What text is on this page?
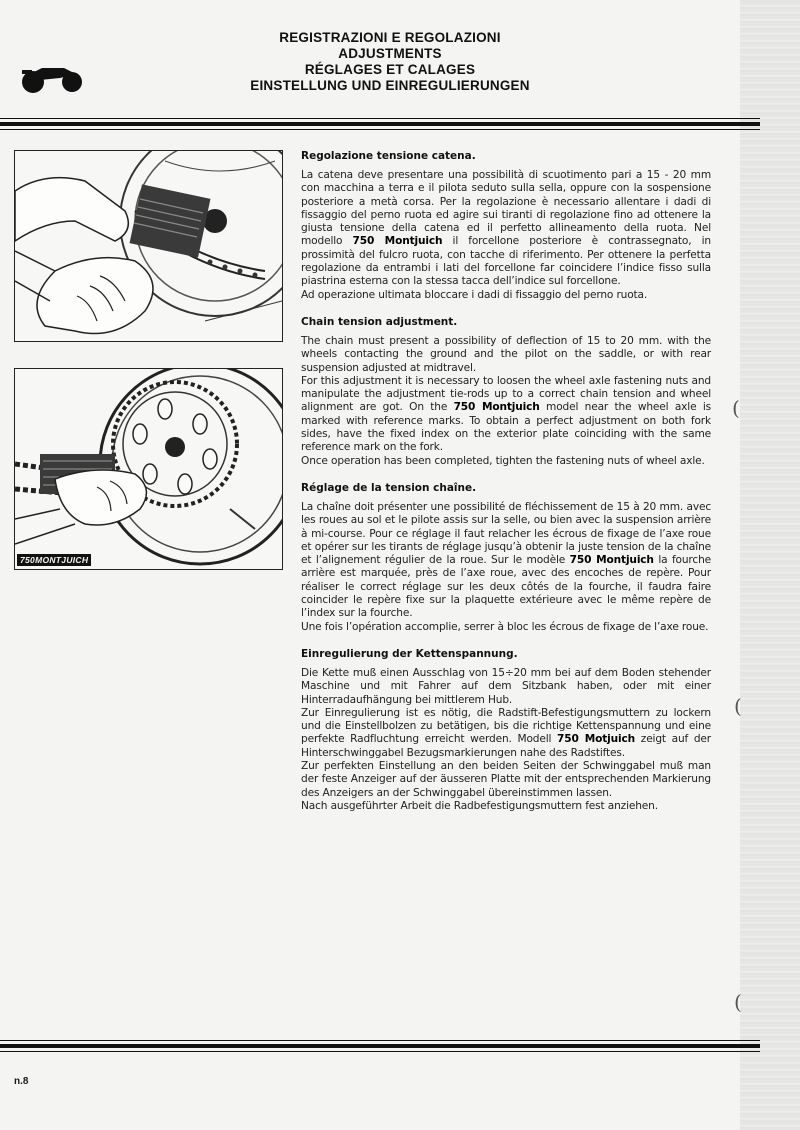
REGISTRAZIONI E REGOLAZIONI
ADJUSTMENTS
RÉGLAGES ET CALAGES
EINSTELLUNG UND EINREGULIERUNGEN
750MONTJUICH
Regolazione tensione catena.

La catena deve presentare una possibilità di scuotimento pari a 15 - 20 mm con macchina a terra e il pilota seduto sulla sella, oppure con la sospensione posteriore a metà corsa. Per la regolazione è necessario allentare i dadi di fissaggio del perno ruota ed agire sui tiranti di regolazione fino ad ottenere la giusta tensione della catena ed il perfetto allineamento della ruota. Nel modello 750 Montjuich il forcellone posteriore è contrassegnato, in prossimità del fulcro ruota, con tacche di riferimento. Per ottenere la perfetta regolazione da entrambi i lati del forcellone far coincidere l’indice fisso sulla piastrina esterna con la stessa tacca dell’indice sul forcellone.
Ad operazione ultimata bloccare i dadi di fissaggio del perno ruota.

Chain tension adjustment.

The chain must present a possibility of deflection of 15 to 20 mm. with the wheels contacting the ground and the pilot on the saddle, or with rear suspension adjusted at midtravel.
For this adjustment it is necessary to loosen the wheel axle fastening nuts and manipulate the adjustment tie-rods up to a correct chain tension and wheel alignment are got. On the 750 Montjuich model near the wheel axle is marked with reference marks. To obtain a perfect adjustment on both fork sides, have the fixed index on the exterior plate coinciding with the same reference mark on the fork.
Once operation has been completed, tighten the fastening nuts of wheel axle.

Réglage de la tension chaîne.

La chaîne doit présenter une possibilité de fléchissement de 15 à 20 mm. avec les roues au sol et le pilote assis sur la selle, ou bien avec la suspension arrière à mi-course. Pour ce réglage il faut relacher les écrous de fixage de l’axe roue et opérer sur les tirants de réglage jusqu’à obtenir la juste tension de la chaîne et l’alignement régulier de la roue. Sur le modèle 750 Montjuich la fourche arrière est marquée, près de l’axe roue, avec des encoches de repère. Pour réaliser le correct réglage sur les deux côtés de la fourche, il faudra faire coincider le repère fixe sur la plaquette extérieure avec le même repère de l’index sur la fourche.
Une fois l’opération accomplie, serrer à bloc les écrous de fixage de l’axe roue.

Einregulierung der Kettenspannung.

Die Kette muß einen Ausschlag von 15÷20 mm bei auf dem Boden stehender Maschine und mit Fahrer auf dem Sitzbank haben, oder mit einer Hinterradaufhängung bei mittlerem Hub.
Zur Einregulierung ist es nötig, die Radstift-Befestigungsmuttern zu lockern und die Einstellbolzen zu betätigen, bis die richtige Kettenspannung und eine perfekte Radfluchtung erreicht werden. Modell 750 Motjuich zeigt auf der Hinterschwinggabel Bezugsmarkierungen nahe des Radstiftes.
Zur perfekten Einstellung an den beiden Seiten der Schwinggabel muß man der feste Anzeiger auf der äusseren Platte mit der entsprechenden Markierung des Anzeigers an der Schwinggabel übereinstimmen lassen.
Nach ausgeführter Arbeit die Radbefestigungsmuttern fest anziehen.

(
(
(
n.8
